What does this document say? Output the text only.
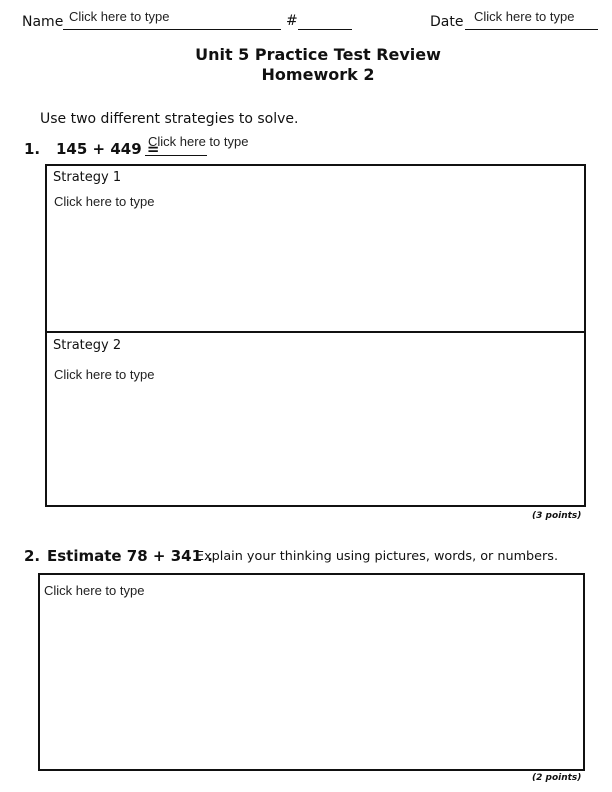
Name Click here to type	#	Date Click here to type
Unit 5 Practice Test Review
Homework 2
Use two different strategies to solve.
1. 145 + 449 =
Click here to type
Strategy 1
Click here to type
Strategy 2
Click here to type
(3 points)
2. Estimate 78 + 341 .
Explain your thinking using pictures, words, or numbers.
Click here to type
(2 points)
